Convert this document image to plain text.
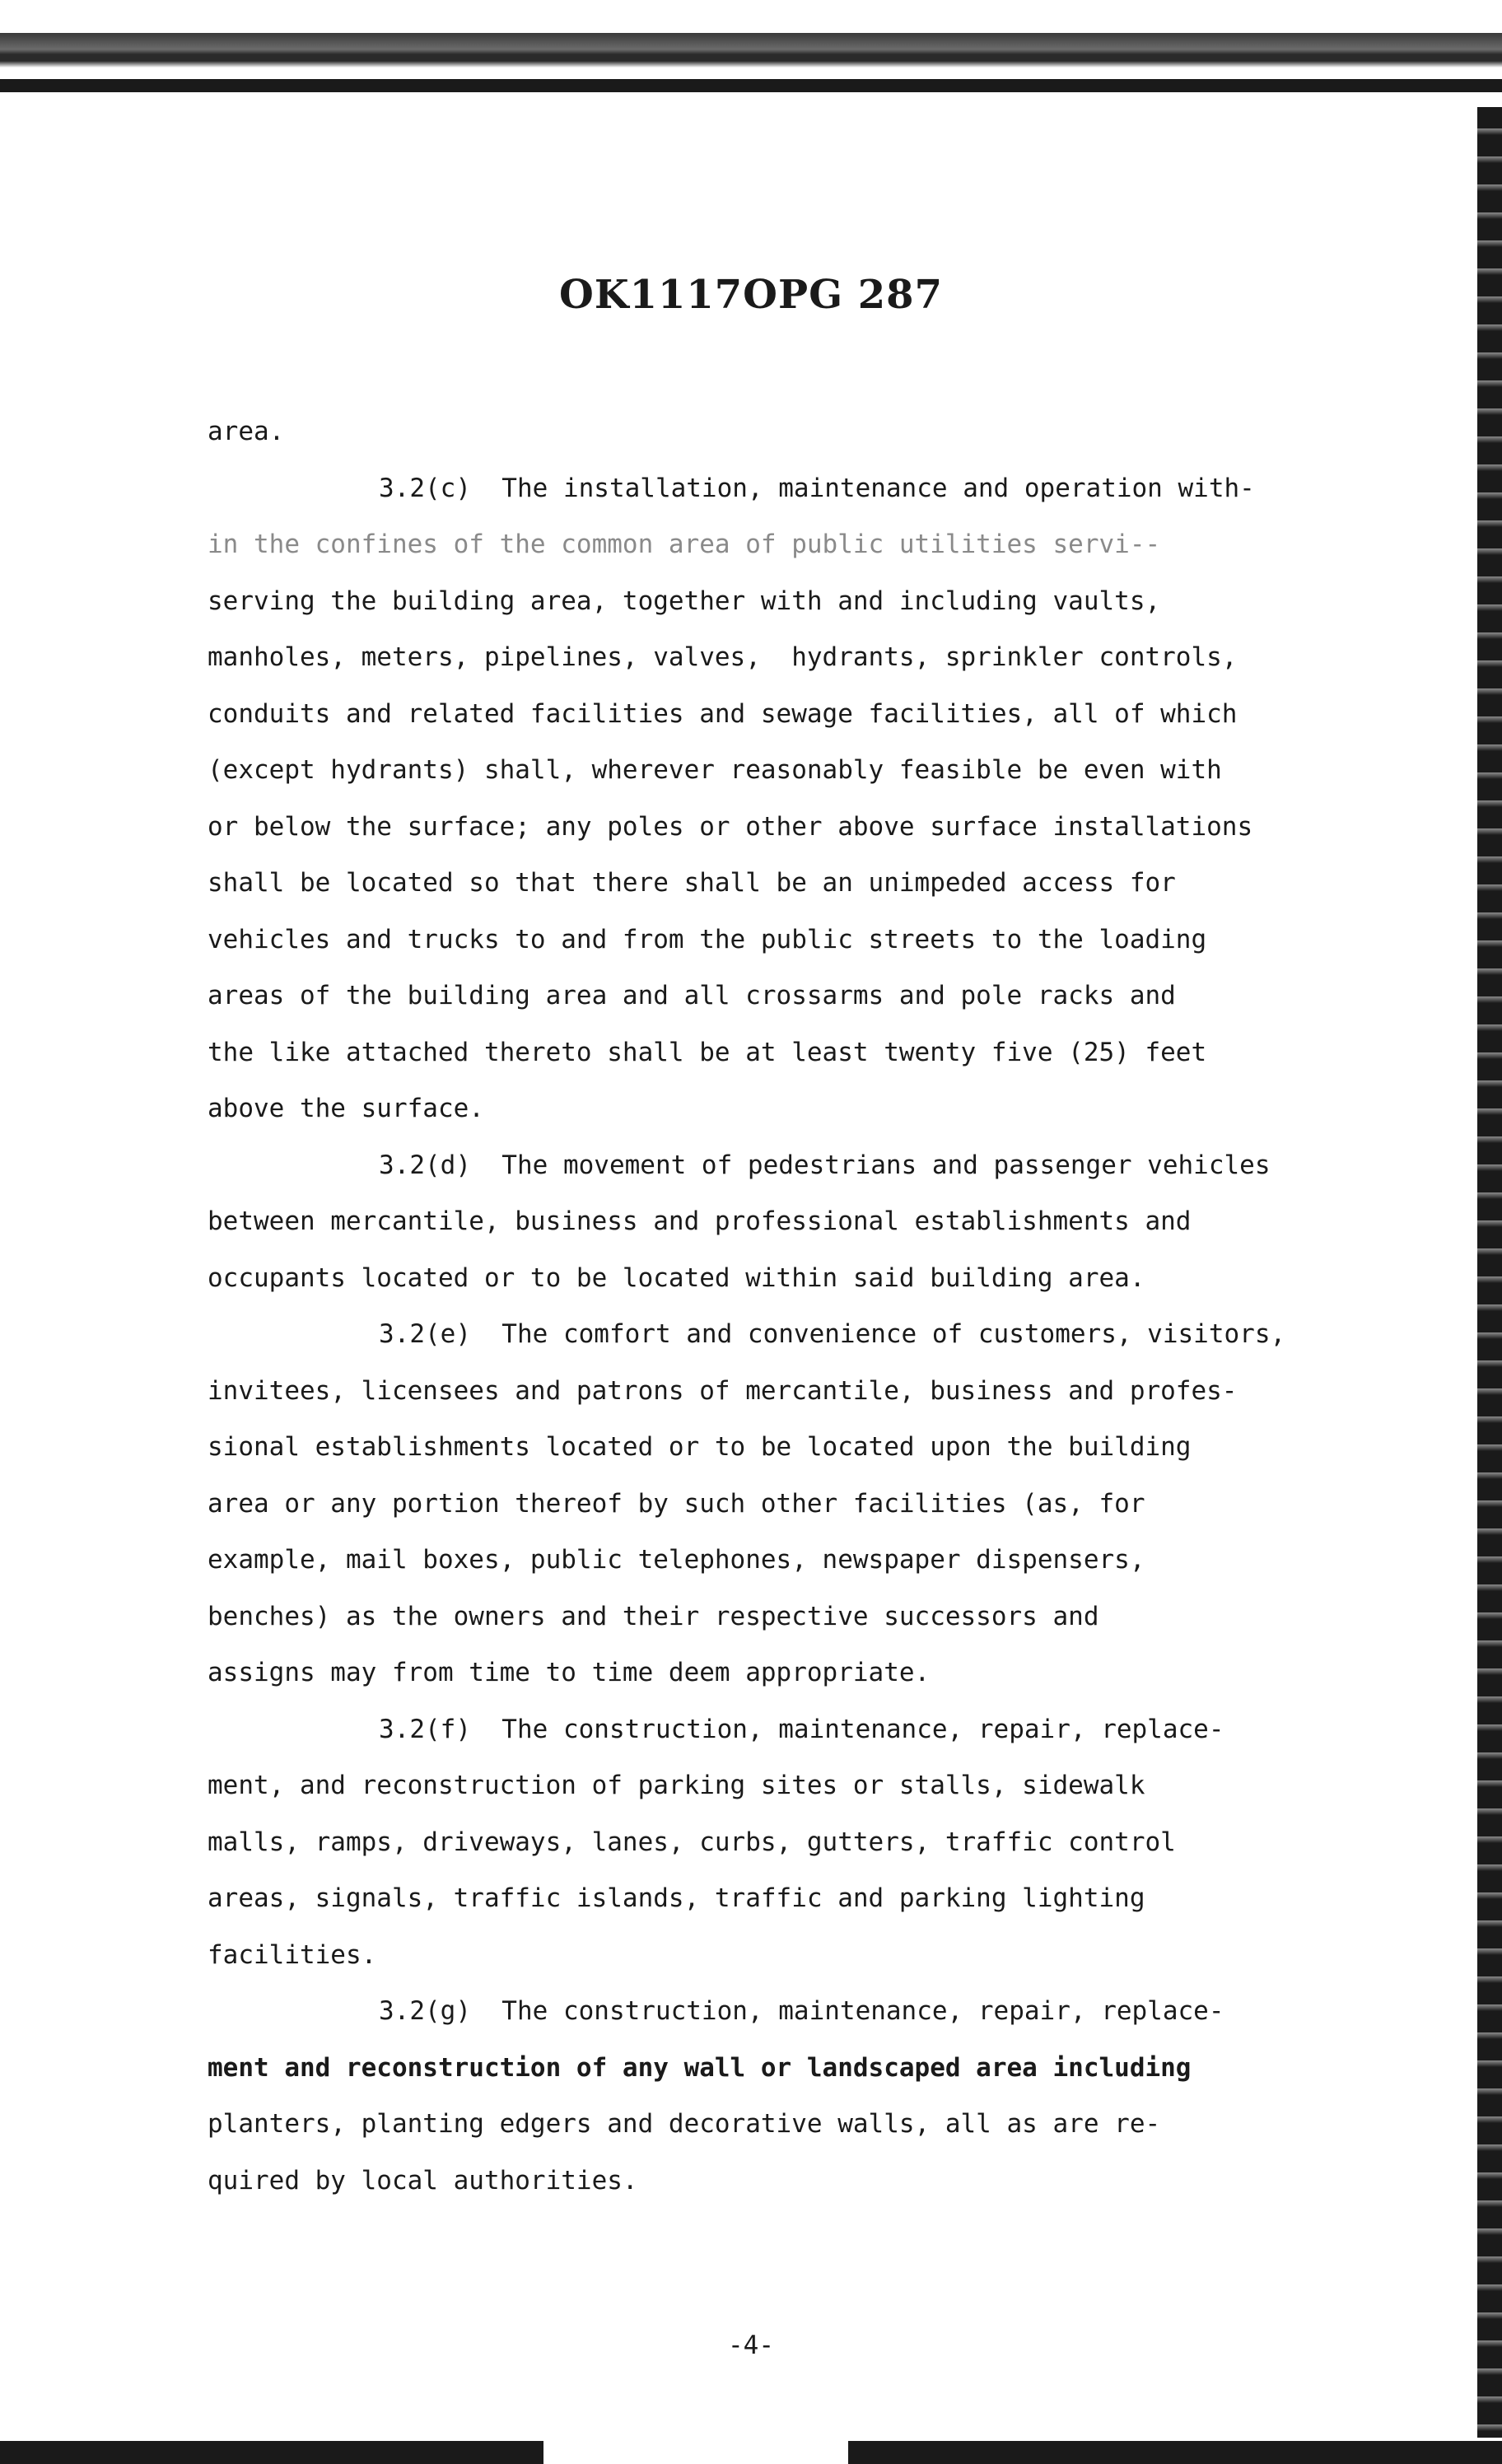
OK1117OPG 287
area.
3.2(c)  The installation, maintenance and operation with-
in the confines of the common area of public utilities servi--
serving the building area, together with and including vaults,
manholes, meters, pipelines, valves,  hydrants, sprinkler controls,
conduits and related facilities and sewage facilities, all of which
(except hydrants) shall, wherever reasonably feasible be even with
or below the surface; any poles or other above surface installations
shall be located so that there shall be an unimpeded access for
vehicles and trucks to and from the public streets to the loading
areas of the building area and all crossarms and pole racks and
the like attached thereto shall be at least twenty five (25) feet
above the surface.
3.2(d)  The movement of pedestrians and passenger vehicles
between mercantile, business and professional establishments and
occupants located or to be located within said building area.
3.2(e)  The comfort and convenience of customers, visitors,
invitees, licensees and patrons of mercantile, business and profes-
sional establishments located or to be located upon the building
area or any portion thereof by such other facilities (as, for
example, mail boxes, public telephones, newspaper dispensers,
benches) as the owners and their respective successors and
assigns may from time to time deem appropriate.
3.2(f)  The construction, maintenance, repair, replace-
ment, and reconstruction of parking sites or stalls, sidewalk
malls, ramps, driveways, lanes, curbs, gutters, traffic control
areas, signals, traffic islands, traffic and parking lighting
facilities.
3.2(g)  The construction, maintenance, repair, replace-
ment and reconstruction of any wall or landscaped area including
planters, planting edgers and decorative walls, all as are re-
quired by local authorities.
-4-
